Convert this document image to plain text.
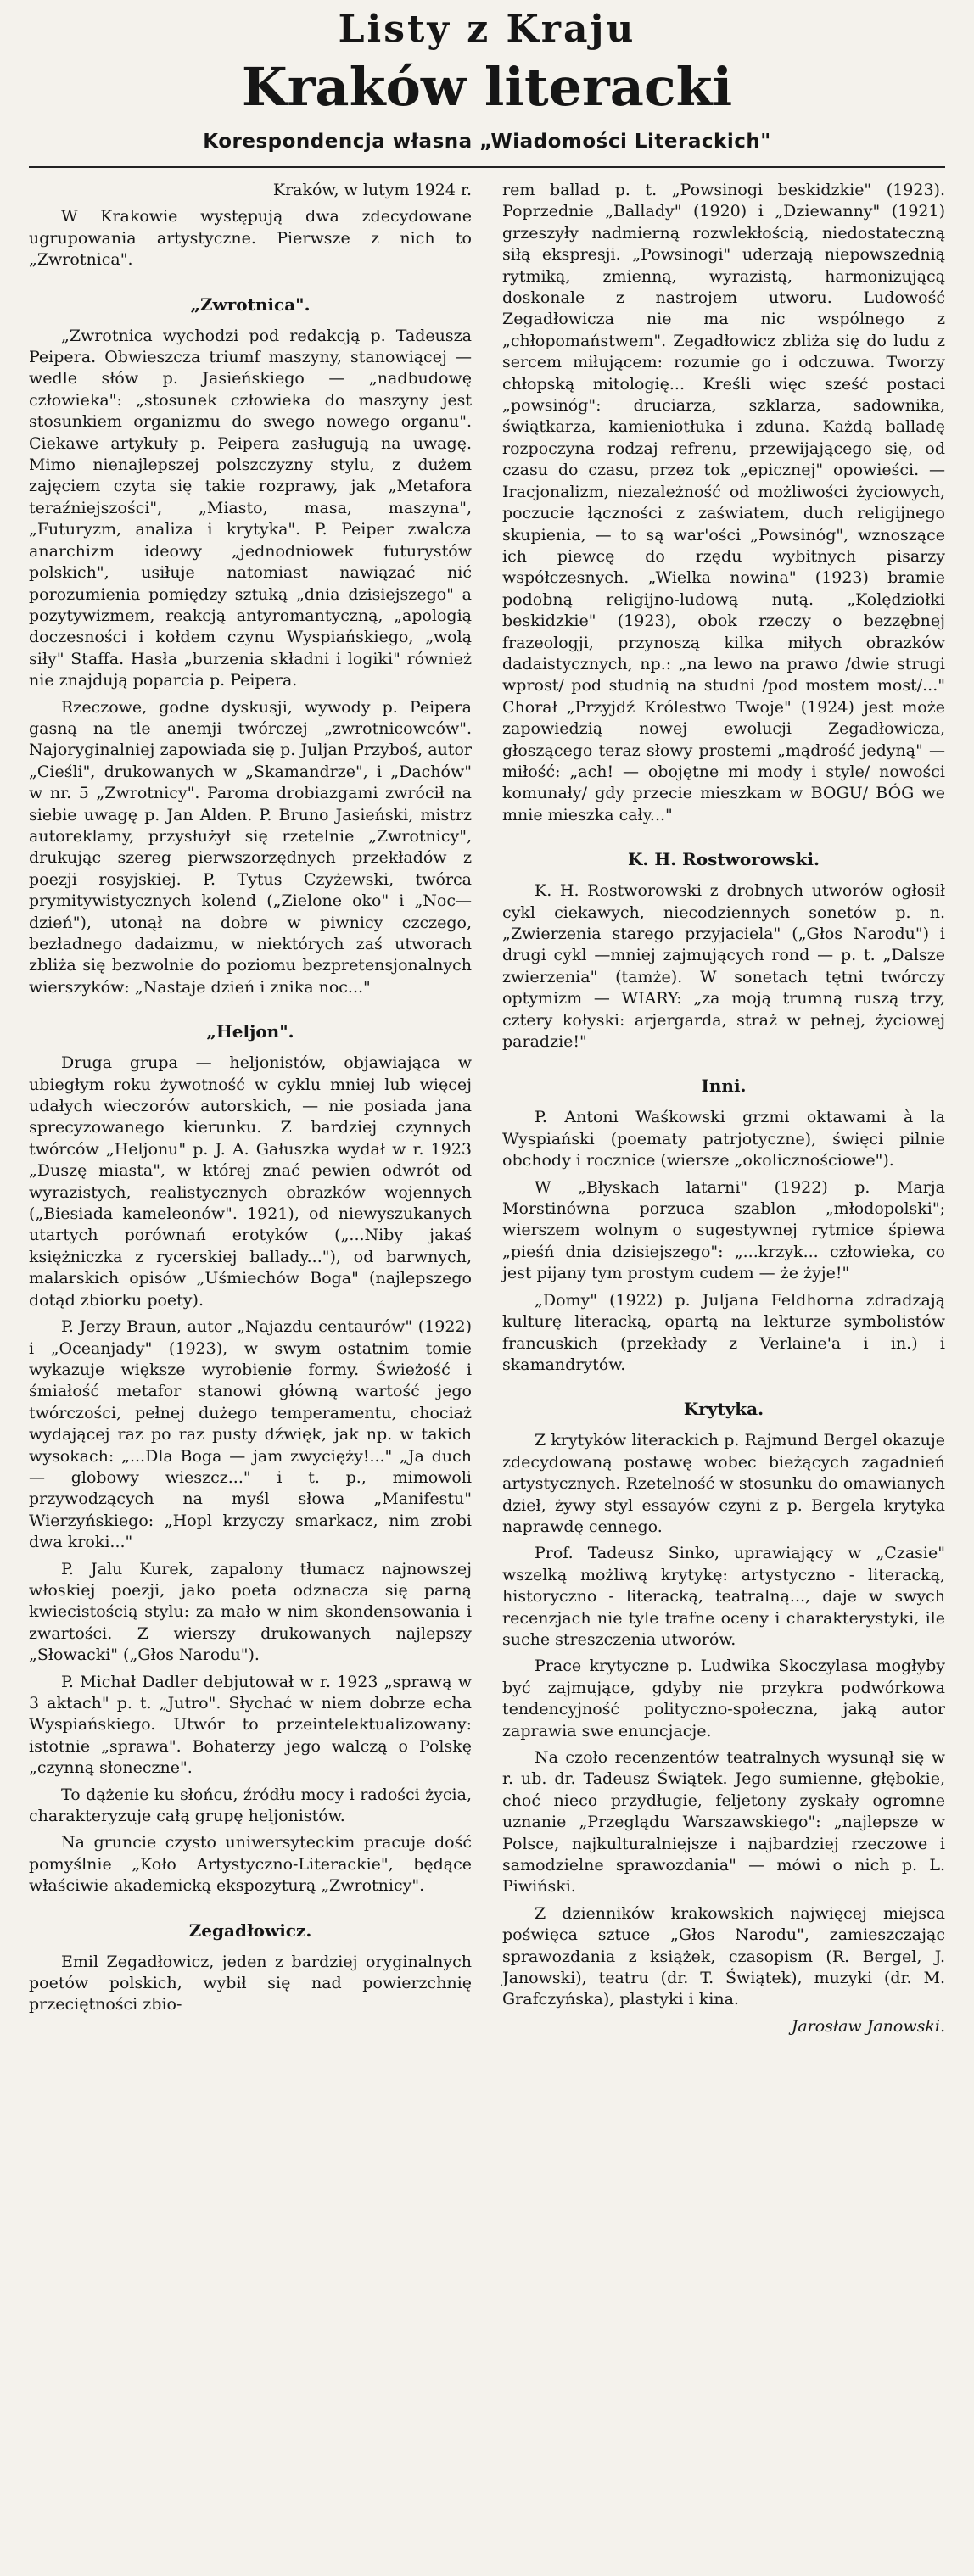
Listy z Kraju
Kraków literacki
Korespondencja własna „Wiadomości Literackich"

Kraków, w lutym 1924 r.

W Krakowie występują dwa zdecydowane ugrupowania artystyczne. Pierwsze z nich to „Zwrotnica".

„Zwrotnica".

„Zwrotnica wychodzi pod redakcją p. Tadeusza Peipera. Obwieszcza triumf maszyny, stanowiącej — wedle słów p. Jasieńskiego — „nadbudowę człowieka": „stosunek człowieka do maszyny jest stosunkiem organizmu do swego nowego organu". Ciekawe artykuły p. Peipera zasługują na uwagę. Mimo nienajlepszej polszczyzny stylu, z dużem zajęciem czyta się takie rozprawy, jak „Metafora teraźniejszości", „Miasto, masa, maszyna", „Futuryzm, analiza i krytyka". P. Peiper zwalcza anarchizm ideowy „jednodniowek futurystów polskich", usiłuje natomiast nawiązać nić porozumienia pomiędzy sztuką „dnia dzisiejszego" a pozytywizmem, reakcją antyromantyczną, „apologią doczesności i kołdem czynu Wyspiańskiego, „wolą siły" Staffa. Hasła „burzenia składni i logiki" również nie znajdują poparcia p. Peipera.

Rzeczowe, godne dyskusji, wywody p. Peipera gasną na tle anemji twórczej „zwrotnicowców". Najoryginalniej zapowiada się p. Juljan Przyboś, autor „Cieśli", drukowanych w „Skamandrze", i „Dachów" w nr. 5 „Zwrotnicy". Paroma drobiazgami zwrócił na siebie uwagę p. Jan Alden. P. Bruno Jasieński, mistrz autoreklamy, przysłużył się rzetelnie „Zwrotnicy", drukując szereg pierwszorzędnych przekładów z poezji rosyjskiej. P. Tytus Czyżewski, twórca prymitywistycznych kolend („Zielone oko" i „Noc—dzień"), utonął na dobre w piwnicy czczego, bezładnego dadaizmu, w niektórych zaś utworach zbliża się bezwolnie do poziomu bezpretensjonalnych wierszyków: „Nastaje dzień i znika noc..."

„Heljon".

Druga grupa — heljonistów, objawiająca w ubiegłym roku żywotność w cyklu mniej lub więcej udałych wieczorów autorskich, — nie posiada jana sprecyzowanego kierunku. Z bardziej czynnych twórców „Heljonu" p. J. A. Gałuszka wydał w r. 1923 „Duszę miasta", w której znać pewien odwrót od wyrazistych, realistycznych obrazków wojennych („Biesiada kameleonów". 1921), od niewyszukanych utartych porównań erotyków („...Niby jakaś księżniczka z rycerskiej ballady..."), od barwnych, malarskich opisów „Uśmiechów Boga" (najlepszego dotąd zbiorku poety).

P. Jerzy Braun, autor „Najazdu centaurów" (1922) i „Oceanjady" (1923), w swym ostatnim tomie wykazuje większe wyrobienie formy. Świeżość i śmiałość metafor stanowi główną wartość jego twórczości, pełnej dużego temperamentu, chociaż wydającej raz po raz pusty dźwięk, jak np. w takich wysokach: „...Dla Boga — jam zwycięży!..." „Ja duch — globowy wieszcz..." i t. p., mimowoli przywodzących na myśl słowa „Manifestu" Wierzyńskiego: „Hopl krzyczy smarkacz, nim zrobi dwa kroki..."

P. Jalu Kurek, zapalony tłumacz najnowszej włoskiej poezji, jako poeta odznacza się parną kwiecistością stylu: za mało w nim skondensowania i zwartości. Z wierszy drukowanych najlepszy „Słowacki" („Głos Narodu").

P. Michał Dadler debjutował w r. 1923 „sprawą w 3 aktach" p. t. „Jutro". Słychać w niem dobrze echa Wyspiańskiego. Utwór to przeintelektualizowany: istotnie „sprawa". Bohaterzy jego walczą o Polskę „czynną słoneczne".

To dążenie ku słońcu, źródłu mocy i radości życia, charakteryzuje całą grupę heljonistów.

Na gruncie czysto uniwersyteckim pracuje dość pomyślnie „Koło Artystyczno-Literackie", będące właściwie akademicką ekspozyturą „Zwrotnicy".

Zegadłowicz.

Emil Zegadłowicz, jeden z bardziej oryginalnych poetów polskich, wybił się nad powierzchnię przeciętności zbio-

rem ballad p. t. „Powsinogi beskidzkie" (1923). Poprzednie „Ballady" (1920) i „Dziewanny" (1921) grzeszyły nadmierną rozwlekłością, niedostateczną siłą ekspresji. „Powsinogi" uderzają niepowszednią rytmiką, zmienną, wyrazistą, harmonizującą doskonale z nastrojem utworu. Ludowość Zegadłowicza nie ma nic wspólnego z „chłopomaństwem". Zegadłowicz zbliża się do ludu z sercem miłującem: rozumie go i odczuwa. Tworzy chłopską mitologię... Kreśli więc sześć postaci „powsinóg": druciarza, szklarza, sadownika, świątkarza, kamieniotłuka i zduna. Każdą balladę rozpoczyna rodzaj refrenu, przewijającego się, od czasu do czasu, przez tok „epicznej" opowieści. — Iracjonalizm, niezależność od możliwości życiowych, poczucie łączności z zaświatem, duch religijnego skupienia, — to są war'ości „Powsinóg", wznoszące ich piewcę do rzędu wybitnych pisarzy współczesnych. „Wielka nowina" (1923) bramie podobną religijno-ludową nutą. „Kolędziołki beskidzkie" (1923), obok rzeczy o bezzębnej frazeologji, przynoszą kilka miłych obrazków dadaistycznych, np.: „na lewo na prawo /dwie strugi wprost/ pod studnią na studni /pod mostem most/..." Chorał „Przyjdź Królestwo Twoje" (1924) jest może zapowiedzią nowej ewolucji Zegadłowicza, głoszącego teraz słowy prostemi „mądrość jedyną" — miłość: „ach! — obojętne mi mody i style/ nowości komunały/ gdy przecie mieszkam w BOGU/ BÓG we mnie mieszka cały..."

K. H. Rostworowski.

K. H. Rostworowski z drobnych utworów ogłosił cykl ciekawych, niecodziennych sonetów p. n. „Zwierzenia starego przyjaciela" („Głos Narodu") i drugi cykl —mniej zajmujących rond — p. t. „Dalsze zwierzenia" (tamże). W sonetach tętni twórczy optymizm — WIARY: „za moją trumną ruszą trzy, cztery kołyski: arjergarda, straż w pełnej, życiowej paradzie!"

Inni.

P. Antoni Waśkowski grzmi oktawami à la Wyspiański (poematy patrjotyczne), święci pilnie obchody i rocznice (wiersze „okolicznościowe").

W „Błyskach latarni" (1922) p. Marja Morstinówna porzuca szablon „młodopolski"; wierszem wolnym o sugestywnej rytmice śpiewa „pieśń dnia dzisiejszego": „...krzyk... człowieka, co jest pijany tym prostym cudem — że żyje!"

„Domy" (1922) p. Juljana Feldhorna zdradzają kulturę literacką, opartą na lekturze symbolistów francuskich (przekłady z Verlaine'a i in.) i skamandrytów.

Krytyka.

Z krytyków literackich p. Rajmund Bergel okazuje zdecydowaną postawę wobec bieżących zagadnień artystycznych. Rzetelność w stosunku do omawianych dzieł, żywy styl essayów czyni z p. Bergela krytyka naprawdę cennego.

Prof. Tadeusz Sinko, uprawiający w „Czasie" wszelką możliwą krytykę: artystyczno - literacką, historyczno - literacką, teatralną..., daje w swych recenzjach nie tyle trafne oceny i charakterystyki, ile suche streszczenia utworów.

Prace krytyczne p. Ludwika Skoczylasa mogłyby być zajmujące, gdyby nie przykra podwórkowa tendencyjność polityczno-społeczna, jaką autor zaprawia swe enuncjacje.

Na czoło recenzentów teatralnych wysunął się w r. ub. dr. Tadeusz Świątek. Jego sumienne, głębokie, choć nieco przydługie, feljetony zyskały ogromne uznanie „Przeglądu Warszawskiego": „najlepsze w Polsce, najkulturalniejsze i najbardziej rzeczowe i samodzielne sprawozdania" — mówi o nich p. L. Piwiński.

Z dzienników krakowskich najwięcej miejsca poświęca sztuce „Głos Narodu", zamieszczając sprawozdania z książek, czasopism (R. Bergel, J. Janowski), teatru (dr. T. Świątek), muzyki (dr. M. Grafczyńska), plastyki i kina.

Jarosław Janowski.
